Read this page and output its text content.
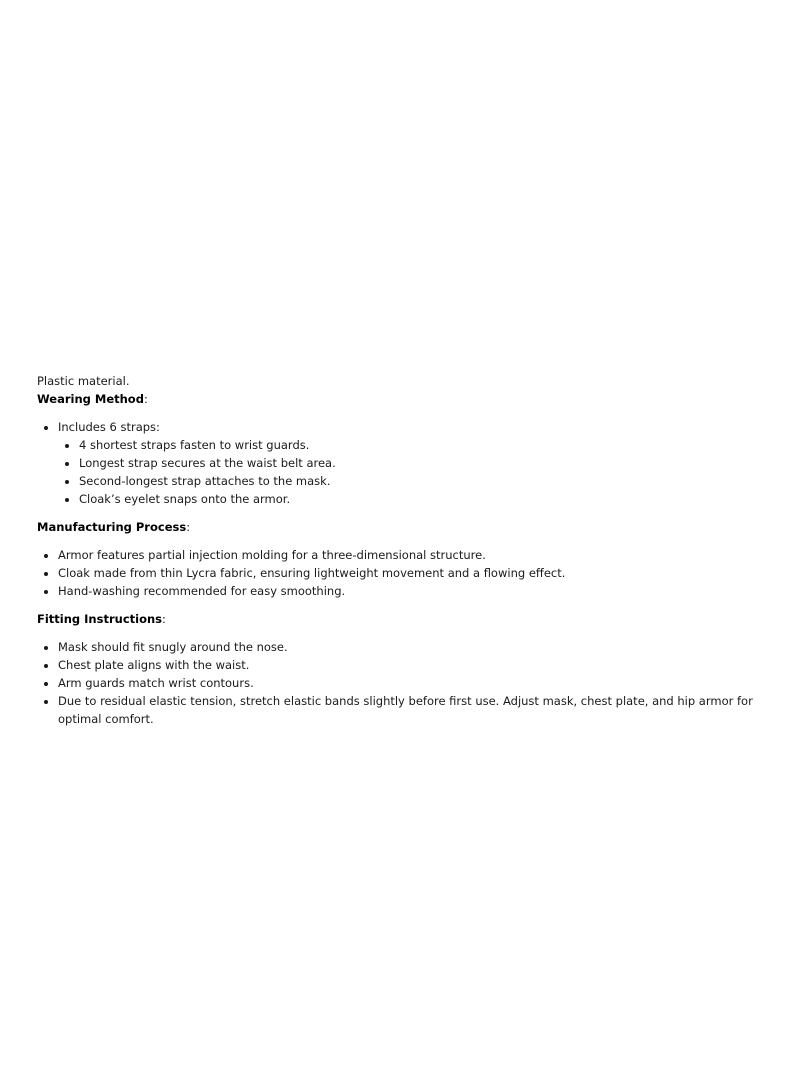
Plastic material.

Wearing Method:

• Includes 6 straps:
• 4 shortest straps fasten to wrist guards.
• Longest strap secures at the waist belt area.
• Second-longest strap attaches to the mask.
• Cloak’s eyelet snaps onto the armor.

Manufacturing Process:

• Armor features partial injection molding for a three-dimensional structure.
• Cloak made from thin Lycra fabric, ensuring lightweight movement and a flowing effect.
• Hand-washing recommended for easy smoothing.

Fitting Instructions:

• Mask should fit snugly around the nose.
• Chest plate aligns with the waist.
• Arm guards match wrist contours.
• Due to residual elastic tension, stretch elastic bands slightly before first use. Adjust mask, chest plate, and hip armor for optimal comfort.
